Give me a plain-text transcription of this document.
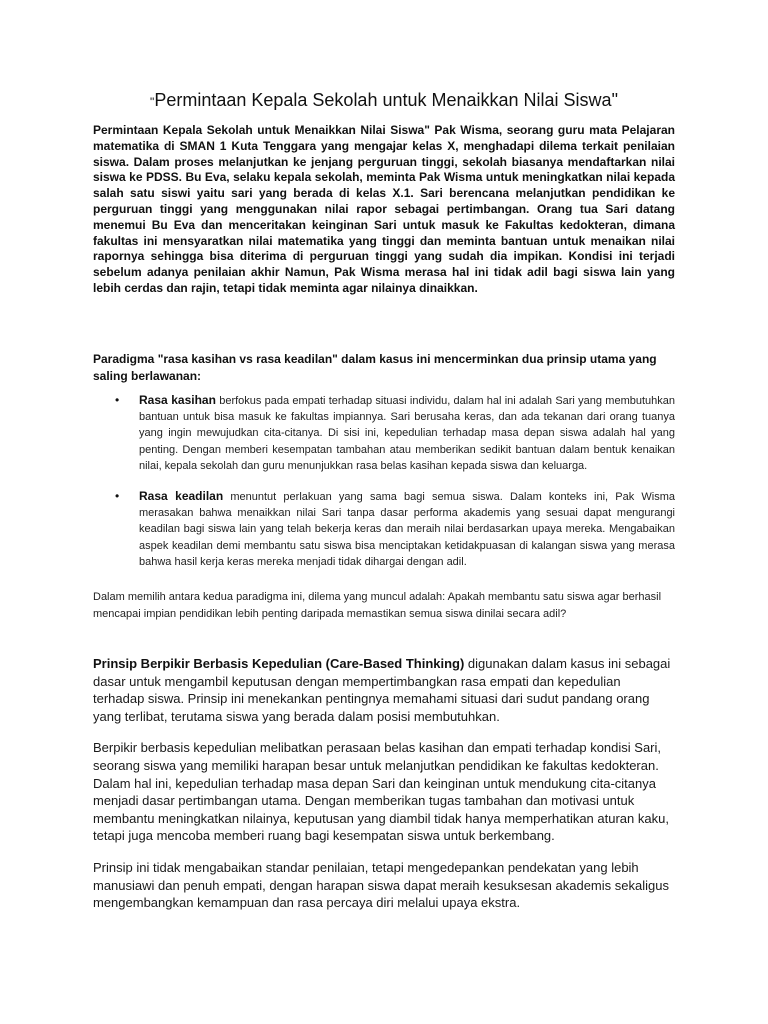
"Permintaan Kepala Sekolah untuk Menaikkan Nilai Siswa"

Permintaan Kepala Sekolah untuk Menaikkan Nilai Siswa" Pak Wisma, seorang guru mata Pelajaran matematika di SMAN 1 Kuta Tenggara yang mengajar kelas X, menghadapi dilema terkait penilaian siswa. Dalam proses melanjutkan ke jenjang perguruan tinggi, sekolah biasanya mendaftarkan nilai siswa ke PDSS. Bu Eva, selaku kepala sekolah, meminta Pak Wisma untuk meningkatkan nilai kepada salah satu siswi yaitu sari yang berada di kelas X.1. Sari berencana melanjutkan pendidikan ke perguruan tinggi yang menggunakan nilai rapor sebagai pertimbangan. Orang tua Sari datang menemui Bu Eva dan menceritakan keinginan Sari untuk masuk ke Fakultas kedokteran, dimana fakultas ini mensyaratkan nilai matematika yang tinggi dan meminta bantuan untuk menaikan nilai rapornya sehingga bisa diterima di perguruan tinggi yang sudah dia impikan. Kondisi ini terjadi sebelum adanya penilaian akhir Namun, Pak Wisma merasa hal ini tidak adil bagi siswa lain yang lebih cerdas dan rajin, tetapi tidak meminta agar nilainya dinaikkan.

Paradigma "rasa kasihan vs rasa keadilan" dalam kasus ini mencerminkan dua prinsip utama yang saling berlawanan:

• Rasa kasihan berfokus pada empati terhadap situasi individu, dalam hal ini adalah Sari yang membutuhkan bantuan untuk bisa masuk ke fakultas impiannya. Sari berusaha keras, dan ada tekanan dari orang tuanya yang ingin mewujudkan cita-citanya. Di sisi ini, kepedulian terhadap masa depan siswa adalah hal yang penting. Dengan memberi kesempatan tambahan atau memberikan sedikit bantuan dalam bentuk kenaikan nilai, kepala sekolah dan guru menunjukkan rasa belas kasihan kepada siswa dan keluarga.
• Rasa keadilan menuntut perlakuan yang sama bagi semua siswa. Dalam konteks ini, Pak Wisma merasakan bahwa menaikkan nilai Sari tanpa dasar performa akademis yang sesuai dapat mengurangi keadilan bagi siswa lain yang telah bekerja keras dan meraih nilai berdasarkan upaya mereka. Mengabaikan aspek keadilan demi membantu satu siswa bisa menciptakan ketidakpuasan di kalangan siswa yang merasa bahwa hasil kerja keras mereka menjadi tidak dihargai dengan adil.

Dalam memilih antara kedua paradigma ini, dilema yang muncul adalah: Apakah membantu satu siswa agar berhasil mencapai impian pendidikan lebih penting daripada memastikan semua siswa dinilai secara adil?

Prinsip Berpikir Berbasis Kepedulian (Care-Based Thinking) digunakan dalam kasus ini sebagai dasar untuk mengambil keputusan dengan mempertimbangkan rasa empati dan kepedulian terhadap siswa. Prinsip ini menekankan pentingnya memahami situasi dari sudut pandang orang yang terlibat, terutama siswa yang berada dalam posisi membutuhkan.

Berpikir berbasis kepedulian melibatkan perasaan belas kasihan dan empati terhadap kondisi Sari, seorang siswa yang memiliki harapan besar untuk melanjutkan pendidikan ke fakultas kedokteran. Dalam hal ini, kepedulian terhadap masa depan Sari dan keinginan untuk mendukung cita-citanya menjadi dasar pertimbangan utama. Dengan memberikan tugas tambahan dan motivasi untuk membantu meningkatkan nilainya, keputusan yang diambil tidak hanya memperhatikan aturan kaku, tetapi juga mencoba memberi ruang bagi kesempatan siswa untuk berkembang.

Prinsip ini tidak mengabaikan standar penilaian, tetapi mengedepankan pendekatan yang lebih manusiawi dan penuh empati, dengan harapan siswa dapat meraih kesuksesan akademis sekaligus mengembangkan kemampuan dan rasa percaya diri melalui upaya ekstra.
